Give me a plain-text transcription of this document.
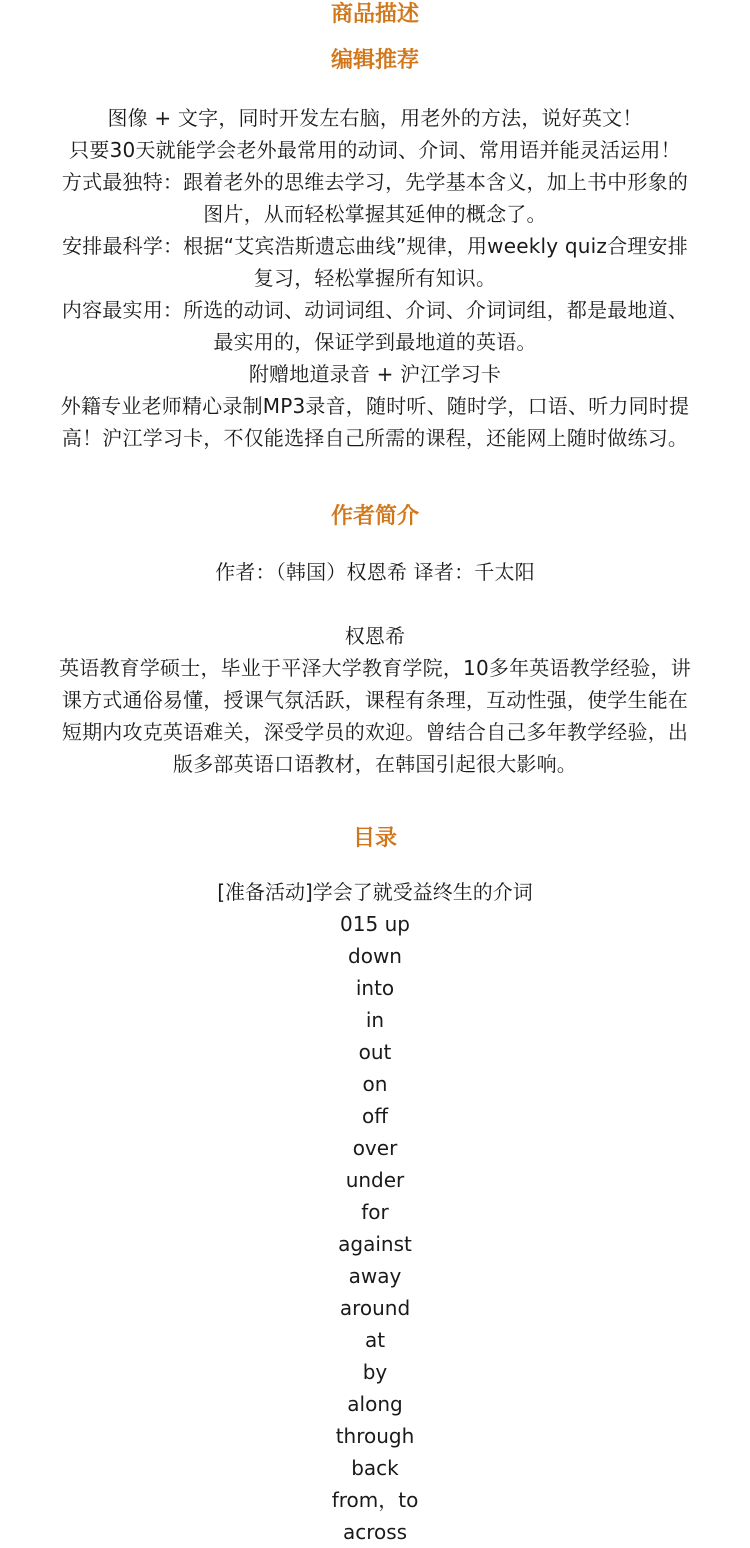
商品描述
编辑推荐

图像 + 文字，同时开发左右脑，用老外的方法，说好英文！

只要30天就能学会老外最常用的动词、介词、常用语并能灵活运用！

方式最独特：跟着老外的思维去学习，先学基本含义，加上书中形象的

图片，从而轻松掌握其延伸的概念了。

安排最科学：根据“艾宾浩斯遗忘曲线”规律，用weekly quiz合理安排

复习，轻松掌握所有知识。

内容最实用：所选的动词、动词词组、介词、介词词组，都是最地道、

最实用的，保证学到最地道的英语。

附赠地道录音 + 沪江学习卡

外籍专业老师精心录制MP3录音，随时听、随时学，口语、听力同时提

高！沪江学习卡，不仅能选择自己所需的课程，还能网上随时做练习。

作者简介

作者：（韩国）权恩希 译者：千太阳

权恩希

英语教育学硕士，毕业于平泽大学教育学院，10多年英语教学经验，讲

课方式通俗易懂，授课气氛活跃，课程有条理，互动性强，使学生能在

短期内攻克英语难关，深受学员的欢迎。曾结合自己多年教学经验，出

版多部英语口语教材，在韩国引起很大影响。

目录

[准备活动]学会了就受益终生的介词

015 up

down

into

in

out

on

off

over

under

for

against

away

around

at

by

along

through

back

from，to

across
